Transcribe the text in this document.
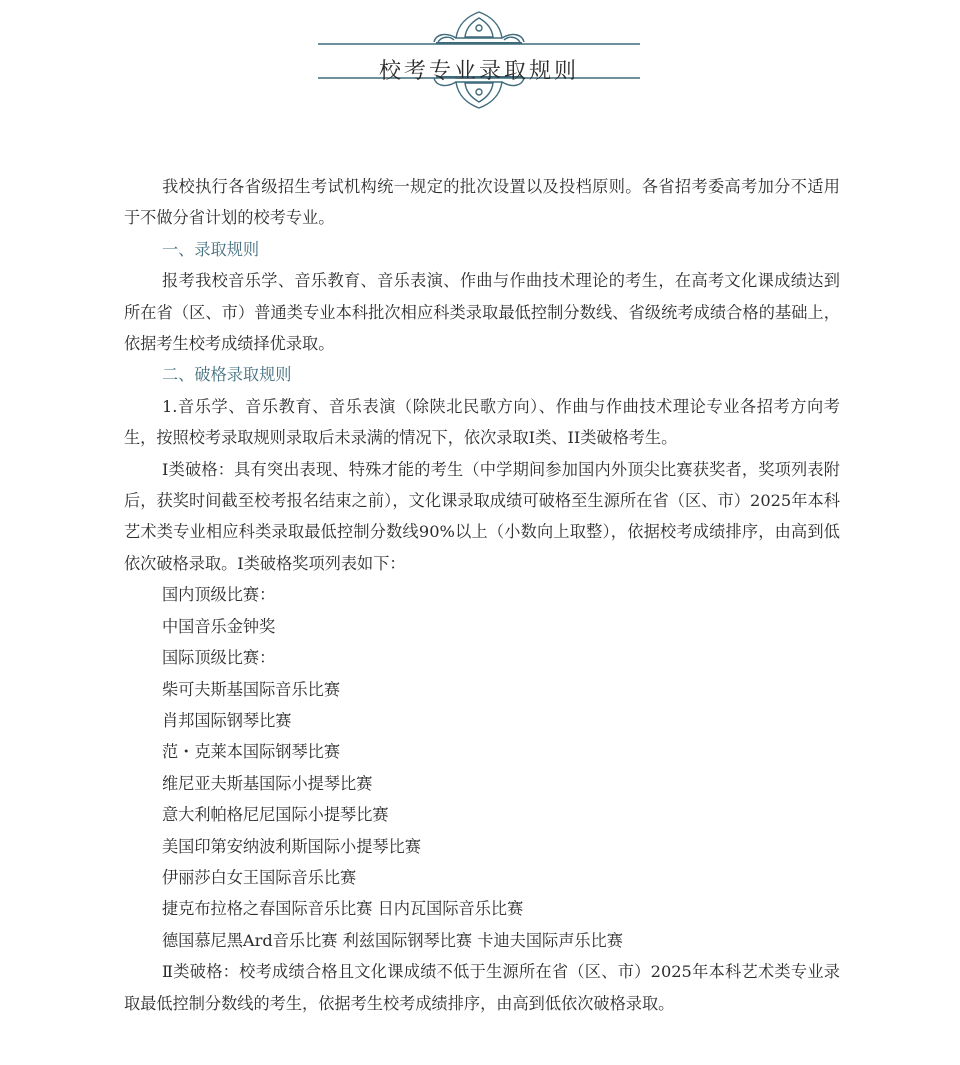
校考专业录取规则

我校执行各省级招生考试机构统一规定的批次设置以及投档原则。各省招考委高考加分不适用于不做分省计划的校考专业。

一、录取规则

报考我校音乐学、音乐教育、音乐表演、作曲与作曲技术理论的考生，在高考文化课成绩达到所在省（区、市）普通类专业本科批次相应科类录取最低控制分数线、省级统考成绩合格的基础上，依据考生校考成绩择优录取。

二、破格录取规则

1.音乐学、音乐教育、音乐表演（除陕北民歌方向）、作曲与作曲技术理论专业各招考方向考生，按照校考录取规则录取后未录满的情况下，依次录取I类、II类破格考生。

I类破格：具有突出表现、特殊才能的考生（中学期间参加国内外顶尖比赛获奖者，奖项列表附后，获奖时间截至校考报名结束之前），文化课录取成绩可破格至生源所在省（区、市）2025年本科艺术类专业相应科类录取最低控制分数线90%以上（小数向上取整），依据校考成绩排序，由高到低依次破格录取。Ⅰ类破格奖项列表如下：

国内顶级比赛：
中国音乐金钟奖
国际顶级比赛：
柴可夫斯基国际音乐比赛
肖邦国际钢琴比赛
范・克莱本国际钢琴比赛
维尼亚夫斯基国际小提琴比赛
意大利帕格尼尼国际小提琴比赛
美国印第安纳波利斯国际小提琴比赛
伊丽莎白女王国际音乐比赛
捷克布拉格之春国际音乐比赛 日内瓦国际音乐比赛
德国慕尼黑Ard音乐比赛 利兹国际钢琴比赛 卡迪夫国际声乐比赛

Ⅱ类破格：校考成绩合格且文化课成绩不低于生源所在省（区、市）2025年本科艺术类专业录取最低控制分数线的考生，依据考生校考成绩排序，由高到低依次破格录取。
